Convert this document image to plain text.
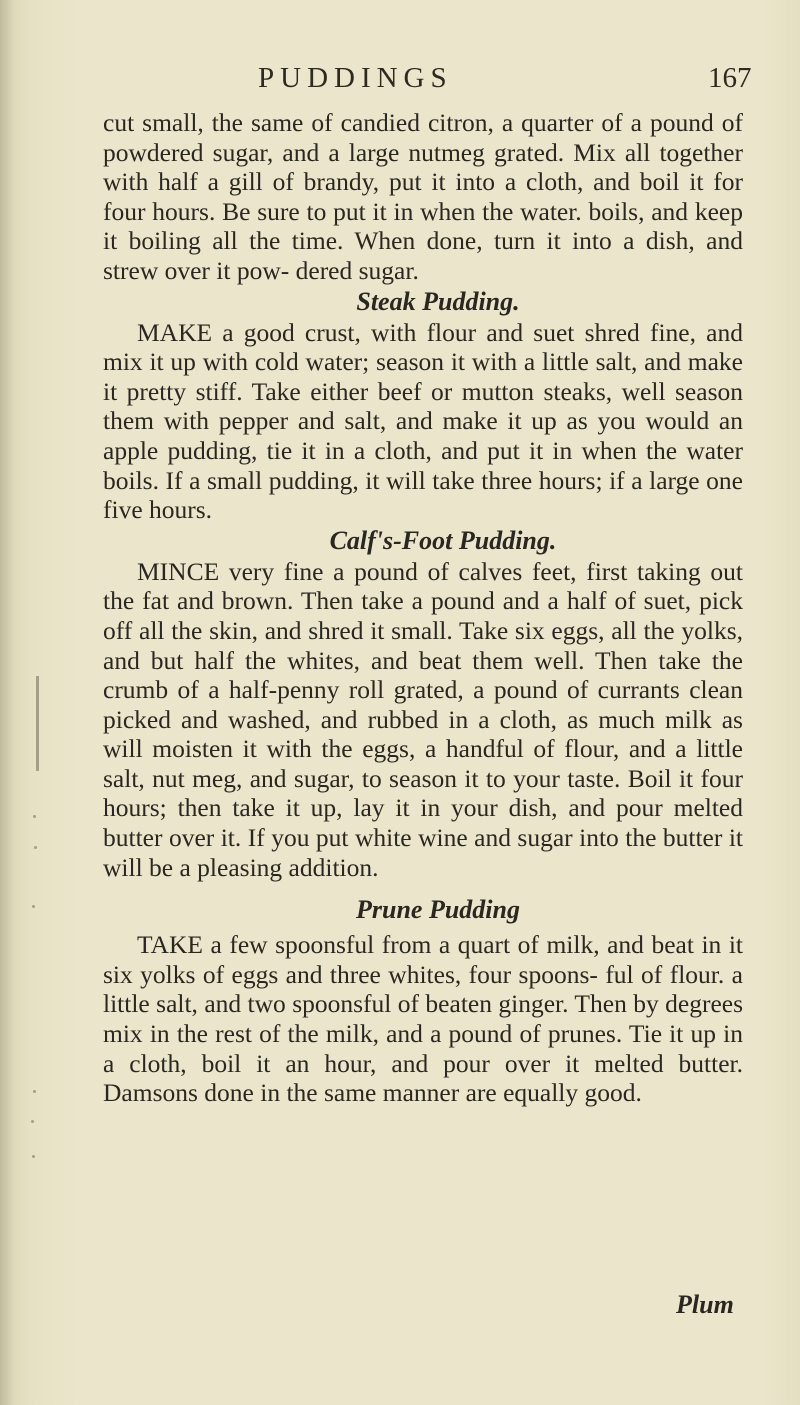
PUDDINGS	167

cut small, the same of candied citron, a quarter of a pound of powdered sugar, and a large nutmeg grated. Mix all together with half a gill of brandy, put it into a cloth, and boil it for four hours. Be sure to put it in when the water. boils, and keep it boiling all the time. When done, turn it into a dish, and strew over it pow- dered sugar.

Steak Pudding.

MAKE a good crust, with flour and suet shred fine, and mix it up with cold water; season it with a little salt, and make it pretty stiff. Take either beef or mutton steaks, well season them with pepper and salt, and make it up as you would an apple pudding, tie it in a cloth, and put it in when the water boils. If a small pudding, it will take three hours; if a large one five hours.

Calf's-Foot Pudding.

MINCE very fine a pound of calves feet, first taking out the fat and brown. Then take a pound and a half of suet, pick off all the skin, and shred it small. Take six eggs, all the yolks, and but half the whites, and beat them well. Then take the crumb of a half-penny roll grated, a pound of currants clean picked and washed, and rubbed in a cloth, as much milk as will moisten it with the eggs, a handful of flour, and a little salt, nut meg, and sugar, to season it to your taste. Boil it four hours; then take it up, lay it in your dish, and pour melted butter over it. If you put white wine and sugar into the butter it will be a pleasing addition.

Prune Pudding

TAKE a few spoonsful from a quart of milk, and beat in it six yolks of eggs and three whites, four spoons- ful of flour. a little salt, and two spoonsful of beaten ginger. Then by degrees mix in the rest of the milk, and a pound of prunes. Tie it up in a cloth, boil it an hour, and pour over it melted butter. Damsons done in the same manner are equally good.

Plum
